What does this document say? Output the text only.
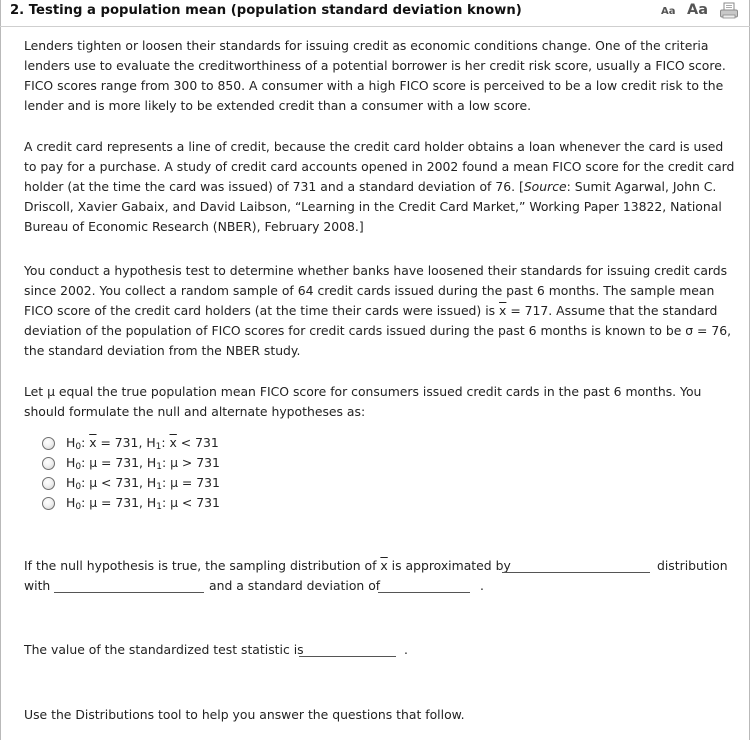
2. Testing a population mean (population standard deviation known)	Aa Aa

Lenders tighten or loosen their standards for issuing credit as economic conditions change. One of the criteria lenders use to evaluate the creditworthiness of a potential borrower is her credit risk score, usually a FICO score. FICO scores range from 300 to 850. A consumer with a high FICO score is perceived to be a low credit risk to the lender and is more likely to be extended credit than a consumer with a low score.

A credit card represents a line of credit, because the credit card holder obtains a loan whenever the card is used to pay for a purchase. A study of credit card accounts opened in 2002 found a mean FICO score for the credit card holder (at the time the card was issued) of 731 and a standard deviation of 76. [Source: Sumit Agarwal, John C. Driscoll, Xavier Gabaix, and David Laibson, “Learning in the Credit Card Market,” Working Paper 13822, National Bureau of Economic Research (NBER), February 2008.]

You conduct a hypothesis test to determine whether banks have loosened their standards for issuing credit cards since 2002. You collect a random sample of 64 credit cards issued during the past 6 months. The sample mean FICO score of the credit card holders (at the time their cards were issued) is $\overline{x} = 717$. Assume that the standard deviation of the population of FICO scores for credit cards issued during the past 6 months is known to be σ = 76, the standard deviation from the NBER study.

Let μ equal the true population mean FICO score for consumers issued credit cards in the past 6 months. You should formulate the null and alternate hypotheses as:

$H_0$: $\overline{x} = 731$, $H_1$: $\overline{x} < 731$
$H_0$: μ = 731, $H_1$: μ > 731
$H_0$: μ < 731, $H_1$: μ = 731
$H_0$: μ = 731, $H_1$: μ < 731
If the null hypothesis is true, the sampling distribution of $\overline{x}$ is approximated by	distribution
with	and a standard deviation of	.
The value of the standardized test statistic is	.
Use the Distributions tool to help you answer the questions that follow.
